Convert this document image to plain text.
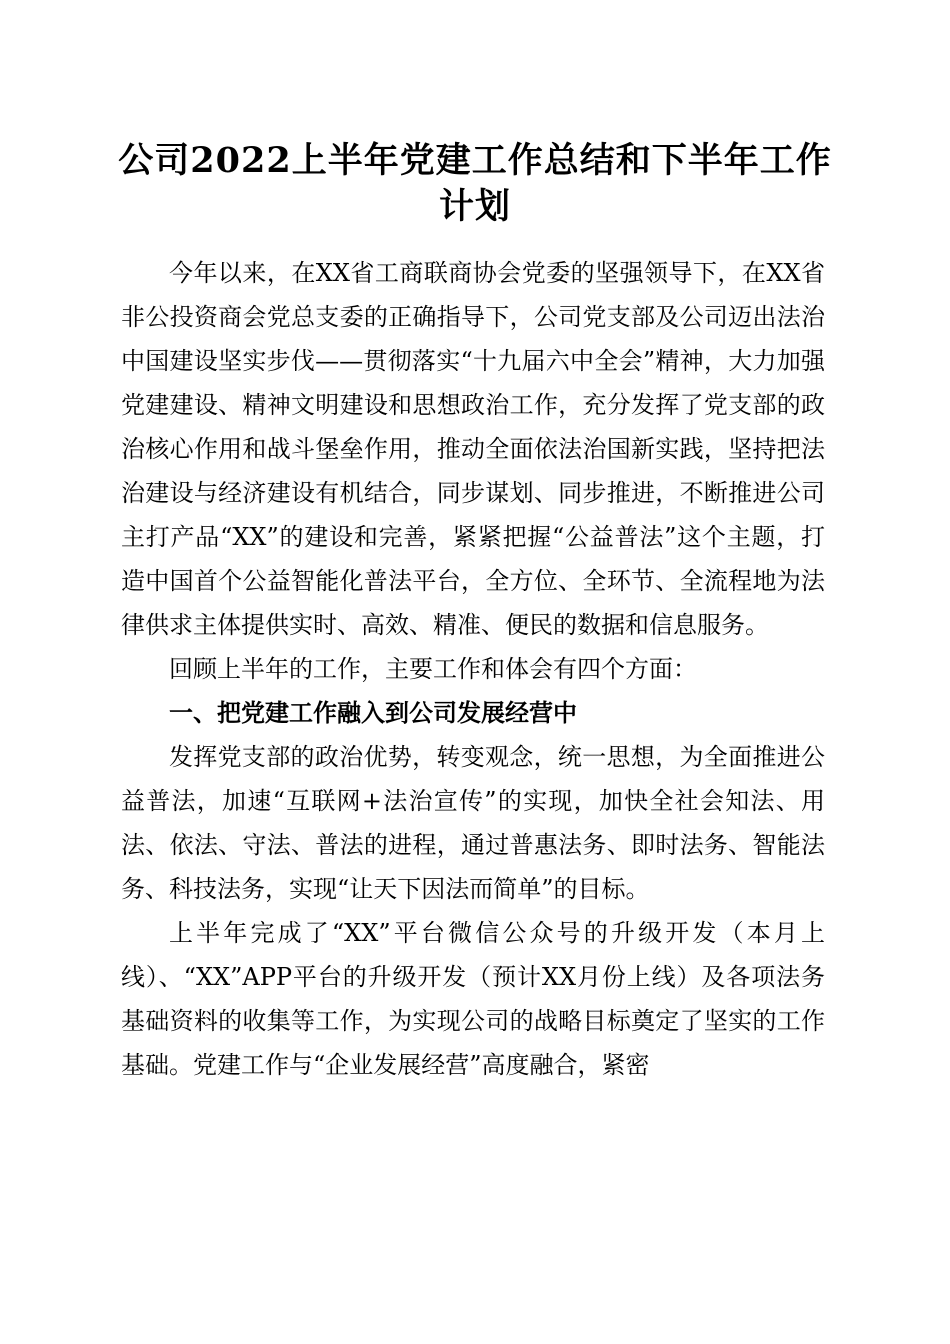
公司2022上半年党建工作总结和下半年工作
计划

今年以来，在XX省工商联商协会党委的坚强领导下，在XX省非公投资商会党总支委的正确指导下，公司党支部及公司迈出法治中国建设坚实步伐——贯彻落实“十九届六中全会”精神，大力加强党建建设、精神文明建设和思想政治工作，充分发挥了党支部的政治核心作用和战斗堡垒作用，推动全面依法治国新实践，坚持把法治建设与经济建设有机结合，同步谋划、同步推进，不断推进公司主打产品“XX”的建设和完善，紧紧把握“公益普法”这个主题，打造中国首个公益智能化普法平台，全方位、全环节、全流程地为法律供求主体提供实时、高效、精准、便民的数据和信息服务。

回顾上半年的工作，主要工作和体会有四个方面：

一、把党建工作融入到公司发展经营中

发挥党支部的政治优势，转变观念，统一思想，为全面推进公益普法，加速“互联网+法治宣传”的实现，加快全社会知法、用法、依法、守法、普法的进程，通过普惠法务、即时法务、智能法务、科技法务，实现“让天下因法而简单”的目标。

上半年完成了“XX”平台微信公众号的升级开发（本月上线）、“XX”APP平台的升级开发（预计XX月份上线）及各项法务基础资料的收集等工作，为实现公司的战略目标奠定了坚实的工作基础。党建工作与“企业发展经营”高度融合，紧密
